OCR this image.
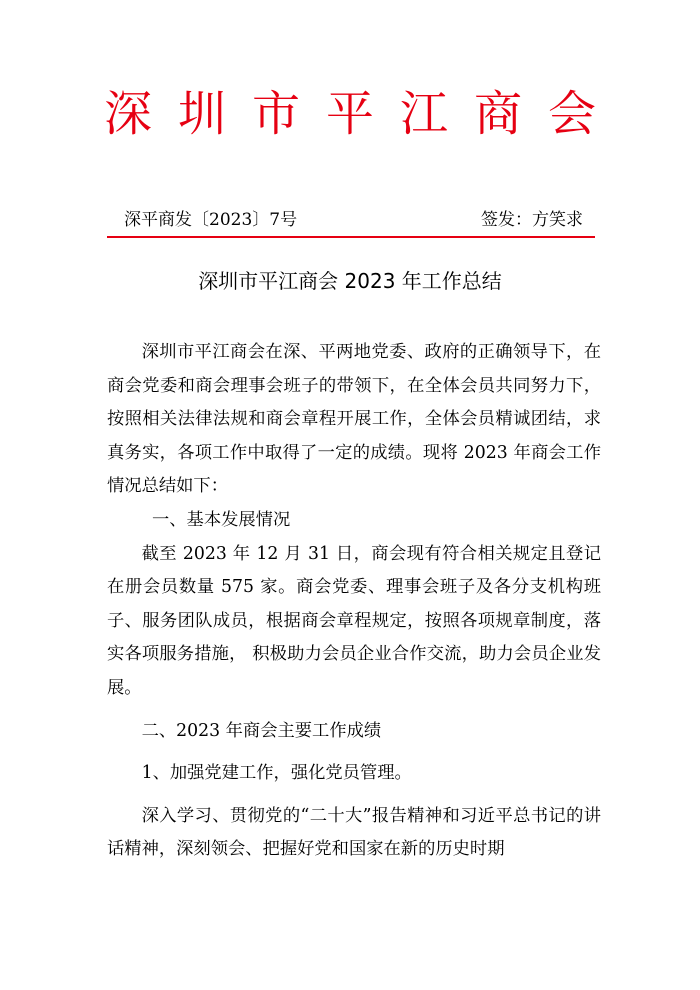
深圳市平江商会
深平商发〔2023〕7号	签发：方笑求
深圳市平江商会 2023 年工作总结

深圳市平江商会在深、平两地党委、政府的正确领导下，在商会党委和商会理事会班子的带领下，在全体会员共同努力下，按照相关法律法规和商会章程开展工作，全体会员精诚团结，求真务实，各项工作中取得了一定的成绩。现将 2023 年商会工作情况总结如下：

一、基本发展情况

截至 2023 年 12 月 31 日，商会现有符合相关规定且登记在册会员数量 575 家。商会党委、理事会班子及各分支机构班子、服务团队成员，根据商会章程规定，按照各项规章制度，落实各项服务措施， 积极助力会员企业合作交流，助力会员企业发展。

二、2023 年商会主要工作成绩

1、加强党建工作，强化党员管理。

深入学习、贯彻党的“二十大”报告精神和习近平总书记的讲话精神，深刻领会、把握好党和国家在新的历史时期
